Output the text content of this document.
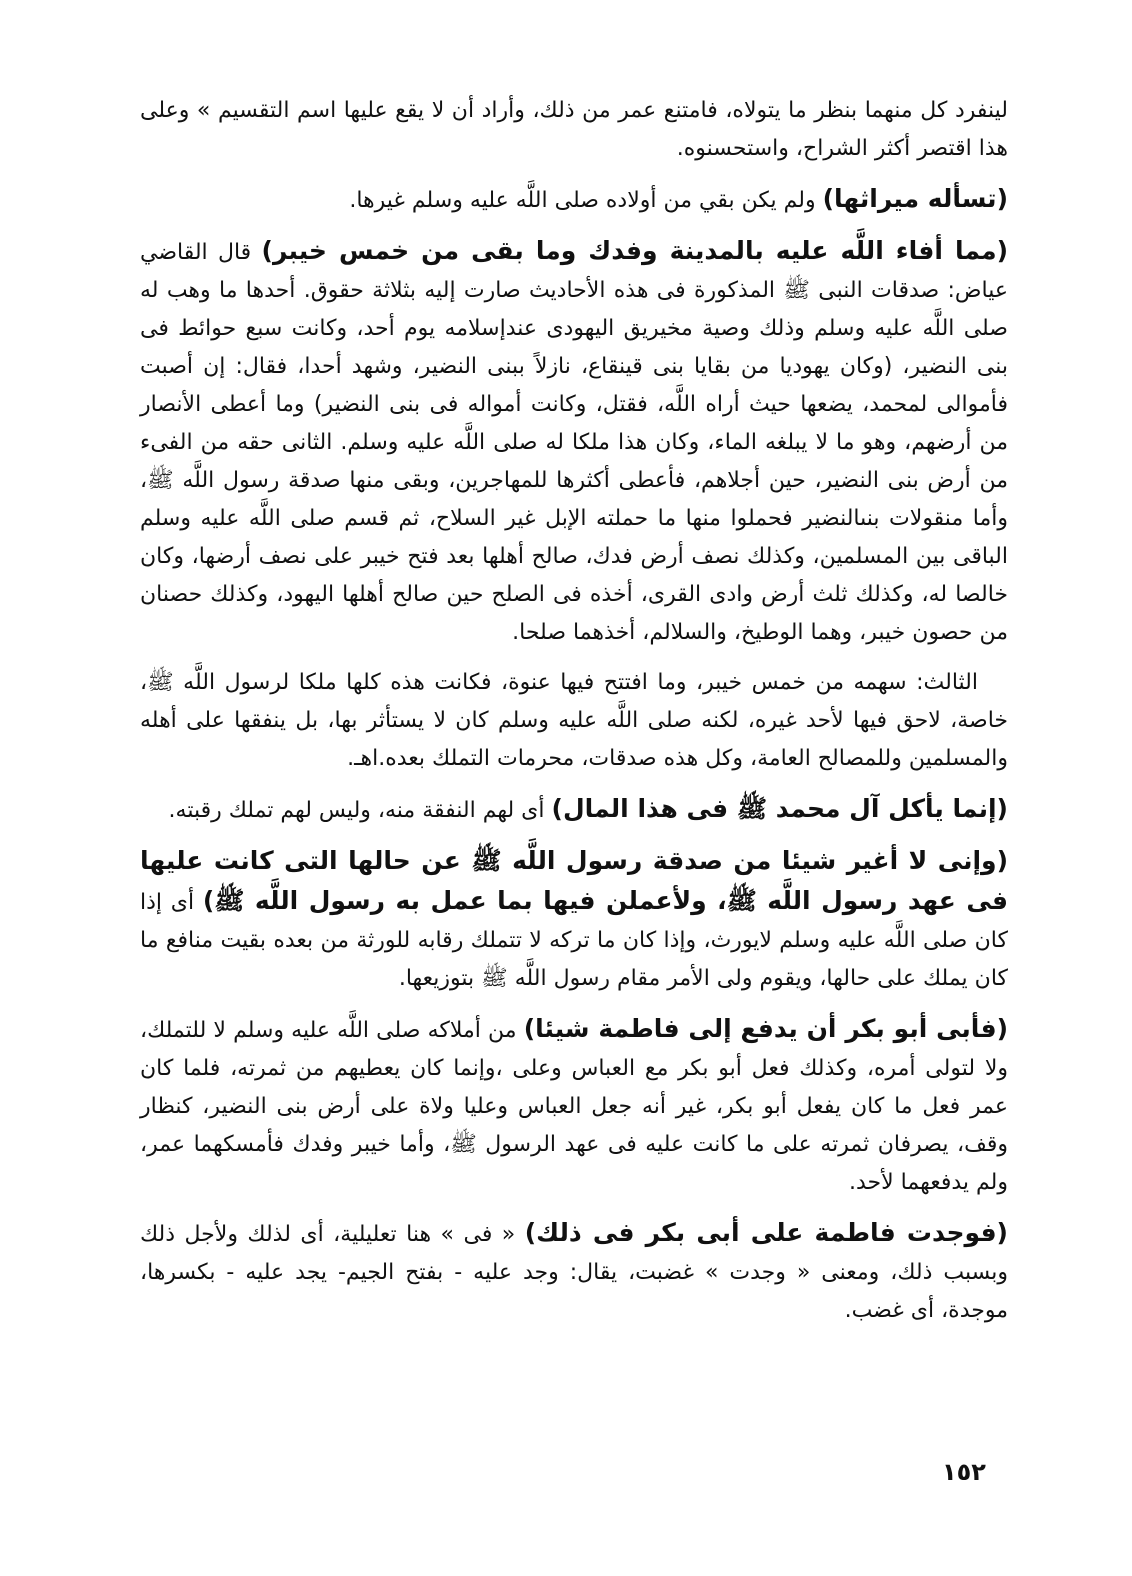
لينفرد كل منهما بنظر ما يتولاه، فامتنع عمر من ذلك، وأراد أن لا يقع عليها اسم التقسيم » وعلى هذا اقتصر أكثر الشراح، واستحسنوه.

(تسأله ميراثها) ولم يكن بقي من أولاده صلى اللَّه عليه وسلم غيرها.

(مما أفاء اللَّه عليه بالمدينة وفدك وما بقى من خمس خيبر) قال القاضي عياض: صدقات النبى ﷺ المذكورة فى هذه الأحاديث صارت إليه بثلاثة حقوق. أحدها ما وهب له صلى اللَّه عليه وسلم وذلك وصية مخيريق اليهودى عندإسلامه يوم أحد، وكانت سبع حوائط فى بنى النضير، (وكان يهوديا من بقايا بنى قينقاع، نازلاً ببنى النضير، وشهد أحدا، فقال: إن أصبت فأموالى لمحمد، يضعها حيث أراه اللَّه، فقتل، وكانت أمواله فى بنى النضير) وما أعطى الأنصار من أرضهم، وهو ما لا يبلغه الماء، وكان هذا ملكا له صلى اللَّه عليه وسلم. الثانى حقه من الفىء من أرض بنى النضير، حين أجلاهم، فأعطى أكثرها للمهاجرين، وبقى منها صدقة رسول اللَّه ﷺ، وأما منقولات بنىالنضير فحملوا منها ما حملته الإبل غير السلاح، ثم قسم صلى اللَّه عليه وسلم الباقى بين المسلمين، وكذلك نصف أرض فدك، صالح أهلها بعد فتح خيبر على نصف أرضها، وكان خالصا له، وكذلك ثلث أرض وادى القرى، أخذه فى الصلح حين صالح أهلها اليهود، وكذلك حصنان من حصون خيبر، وهما الوطيخ، والسلالم، أخذهما صلحا.

الثالث: سهمه من خمس خيبر، وما افتتح فيها عنوة، فكانت هذه كلها ملكا لرسول اللَّه ﷺ، خاصة، لاحق فيها لأحد غيره، لكنه صلى اللَّه عليه وسلم كان لا يستأثر بها، بل ينفقها على أهله والمسلمين وللمصالح العامة، وكل هذه صدقات، محرمات التملك بعده.اهـ.

(إنما يأكل آل محمد ﷺ فى هذا المال) أى لهم النفقة منه، وليس لهم تملك رقبته.

(وإنى لا أغير شيئا من صدقة رسول اللَّه ﷺ عن حالها التى كانت عليها فى عهد رسول اللَّه ﷺ، ولأعملن فيها بما عمل به رسول اللَّه ﷺ) أى إذا كان صلى اللَّه عليه وسلم لايورث، وإذا كان ما تركه لا تتملك رقابه للورثة من بعده بقيت منافع ما كان يملك على حالها، ويقوم ولى الأمر مقام رسول اللَّه ﷺ بتوزيعها.

(فأبى أبو بكر أن يدفع إلى فاطمة شيئا) من أملاكه صلى اللَّه عليه وسلم لا للتملك، ولا لتولى أمره، وكذلك فعل أبو بكر مع العباس وعلى ،وإنما كان يعطيهم من ثمرته، فلما كان عمر فعل ما كان يفعل أبو بكر، غير أنه جعل العباس وعليا ولاة على أرض بنى النضير، كنظار وقف، يصرفان ثمرته على ما كانت عليه فى عهد الرسول ﷺ، وأما خيبر وفدك فأمسكهما عمر، ولم يدفعهما لأحد.

(فوجدت فاطمة على أبى بكر فى ذلك) « فى » هنا تعليلية، أى لذلك ولأجل ذلك وبسبب ذلك، ومعنى « وجدت » غضبت، يقال: وجد عليه - بفتح الجيم- يجد عليه - بكسرها، موجدة، أى غضب.

١٥٢
